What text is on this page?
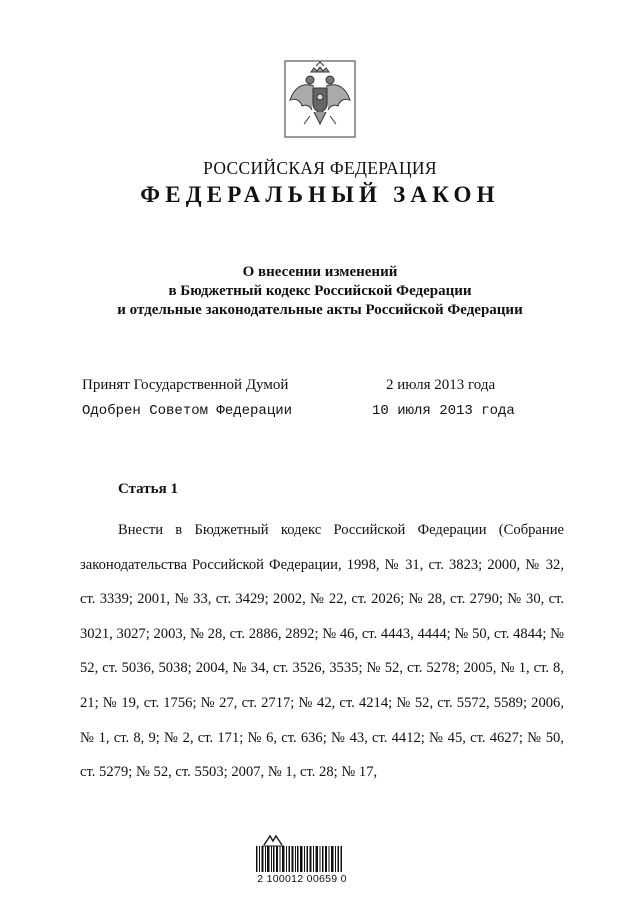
РОССИЙСКАЯ ФЕДЕРАЦИЯ
ФЕДЕРАЛЬНЫЙ ЗАКОН
О внесении изменений
в Бюджетный кодекс Российской Федерации
и отдельные законодательные акты Российской Федерации
Принят Государственной Думой	2 июля 2013 года
Одобрен Советом Федерации	10 июля 2013 года
Статья 1
Внести в Бюджетный кодекс Российской Федерации (Собрание законодательства Российской Федерации, 1998, № 31, ст. 3823; 2000, № 32, ст. 3339; 2001, № 33, ст. 3429; 2002, № 22, ст. 2026; № 28, ст. 2790; № 30, ст. 3021, 3027; 2003, № 28, ст. 2886, 2892; № 46, ст. 4443, 4444; № 50, ст. 4844; № 52, ст. 5036, 5038; 2004, № 34, ст. 3526, 3535; № 52, ст. 5278; 2005, № 1, ст. 8, 21; № 19, ст. 1756; № 27, ст. 2717; № 42, ст. 4214; № 52, ст. 5572, 5589; 2006, № 1, ст. 8, 9; № 2, ст. 171; № 6, ст. 636; № 43, ст. 4412; № 45, ст. 4627; № 50, ст. 5279; № 52, ст. 5503; 2007, № 1, ст. 28; № 17,
2 100012 00659 0
